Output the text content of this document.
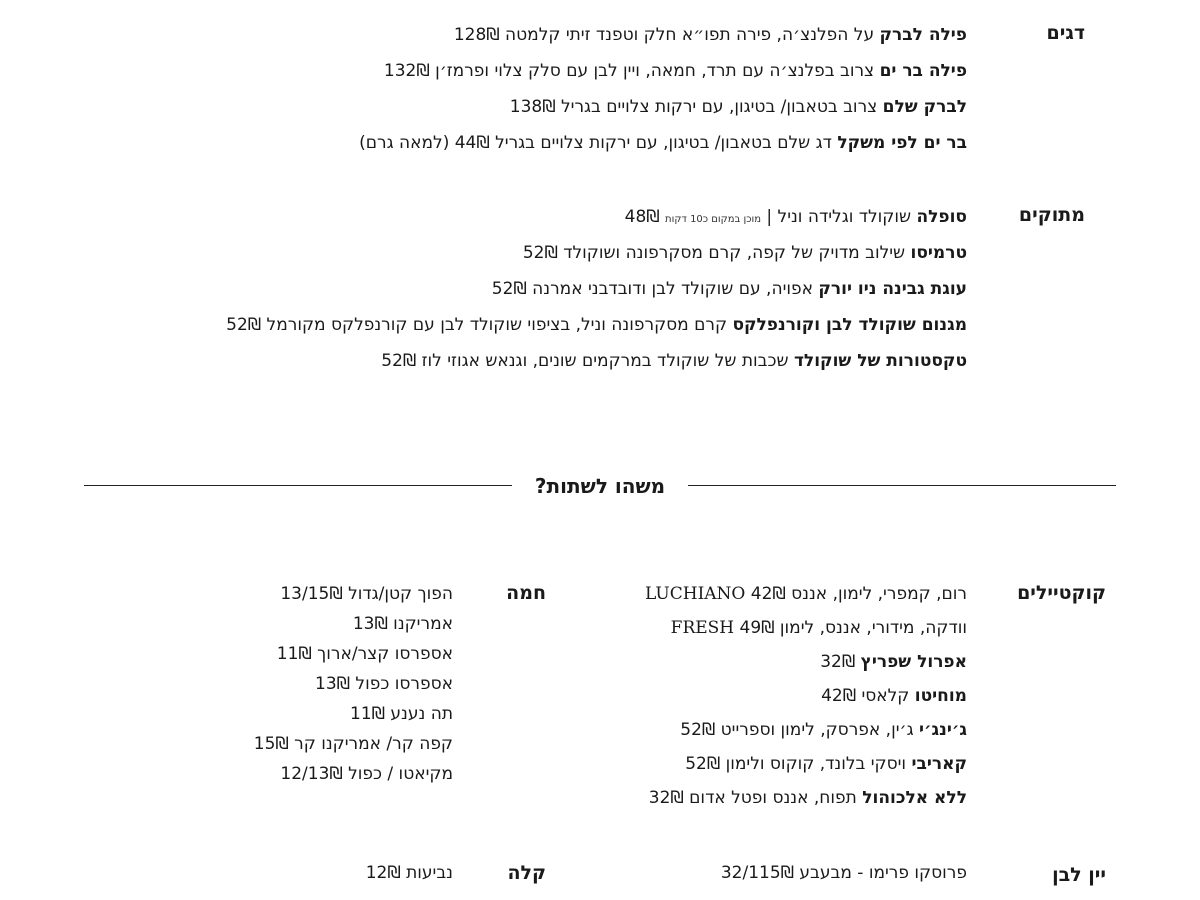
דגים
פילה לברק על הפלנצ׳ה, פירה תפו״א חלק וטפנד זיתי קלמטה 128₪
פילה בר ים צרוב בפלנצ׳ה עם תרד, חמאה, ויין לבן עם סלק צלוי ופרמז׳ן 132₪
לברק שלם צרוב בטאבון/ בטיגון, עם ירקות צלויים בגריל 138₪
בר ים לפי משקל דג שלם בטאבון/ בטיגון, עם ירקות צלויים בגריל 44₪ (למאה גרם)
מתוקים
סופלה שוקולד וגלידה וניל | מוכן במקום כ10 דקות 48₪
טרמיסו שילוב מדויק של קפה, קרם מסקרפונה ושוקולד 52₪
עוגת גבינה ניו יורק אפויה, עם שוקולד לבן ודובדבני אמרנה 52₪
מגנום שוקולד לבן וקורנפלקס קרם מסקרפונה וניל, בציפוי שוקולד לבן עם קורנפלקס מקורמל 52₪
טקסטורות של שוקולד שכבות של שוקולד במרקמים שונים, וגנאש אגוזי לוז 52₪
משהו לשתות?
קוקטיילים
LUCHIANO רום, קמפרי, לימון, אננס 42₪
FRESH וודקה, מידורי, אננס, לימון 49₪
אפרול שפריץ 32₪
מוחיטו קלאסי 42₪
ג׳ינג׳י ג׳ין, אפרסק, לימון וספרייט 52₪
קאריבי ויסקי בלונד, קוקוס ולימון 52₪
ללא אלכוהול תפוח, אננס ופטל אדום 32₪
חמה
הפוך קטן/גדול 13/15₪
אמריקנו 13₪
אספרסו קצר/ארוך 11₪
אספרסו כפול 13₪
תה נענע 11₪
קפה קר/ אמריקנו קר 15₪
מקיאטו / כפול 12/13₪
יין לבן
פרוסקו פרימו - מבעבע 32/115₪
קלה
נביעות 12₪
